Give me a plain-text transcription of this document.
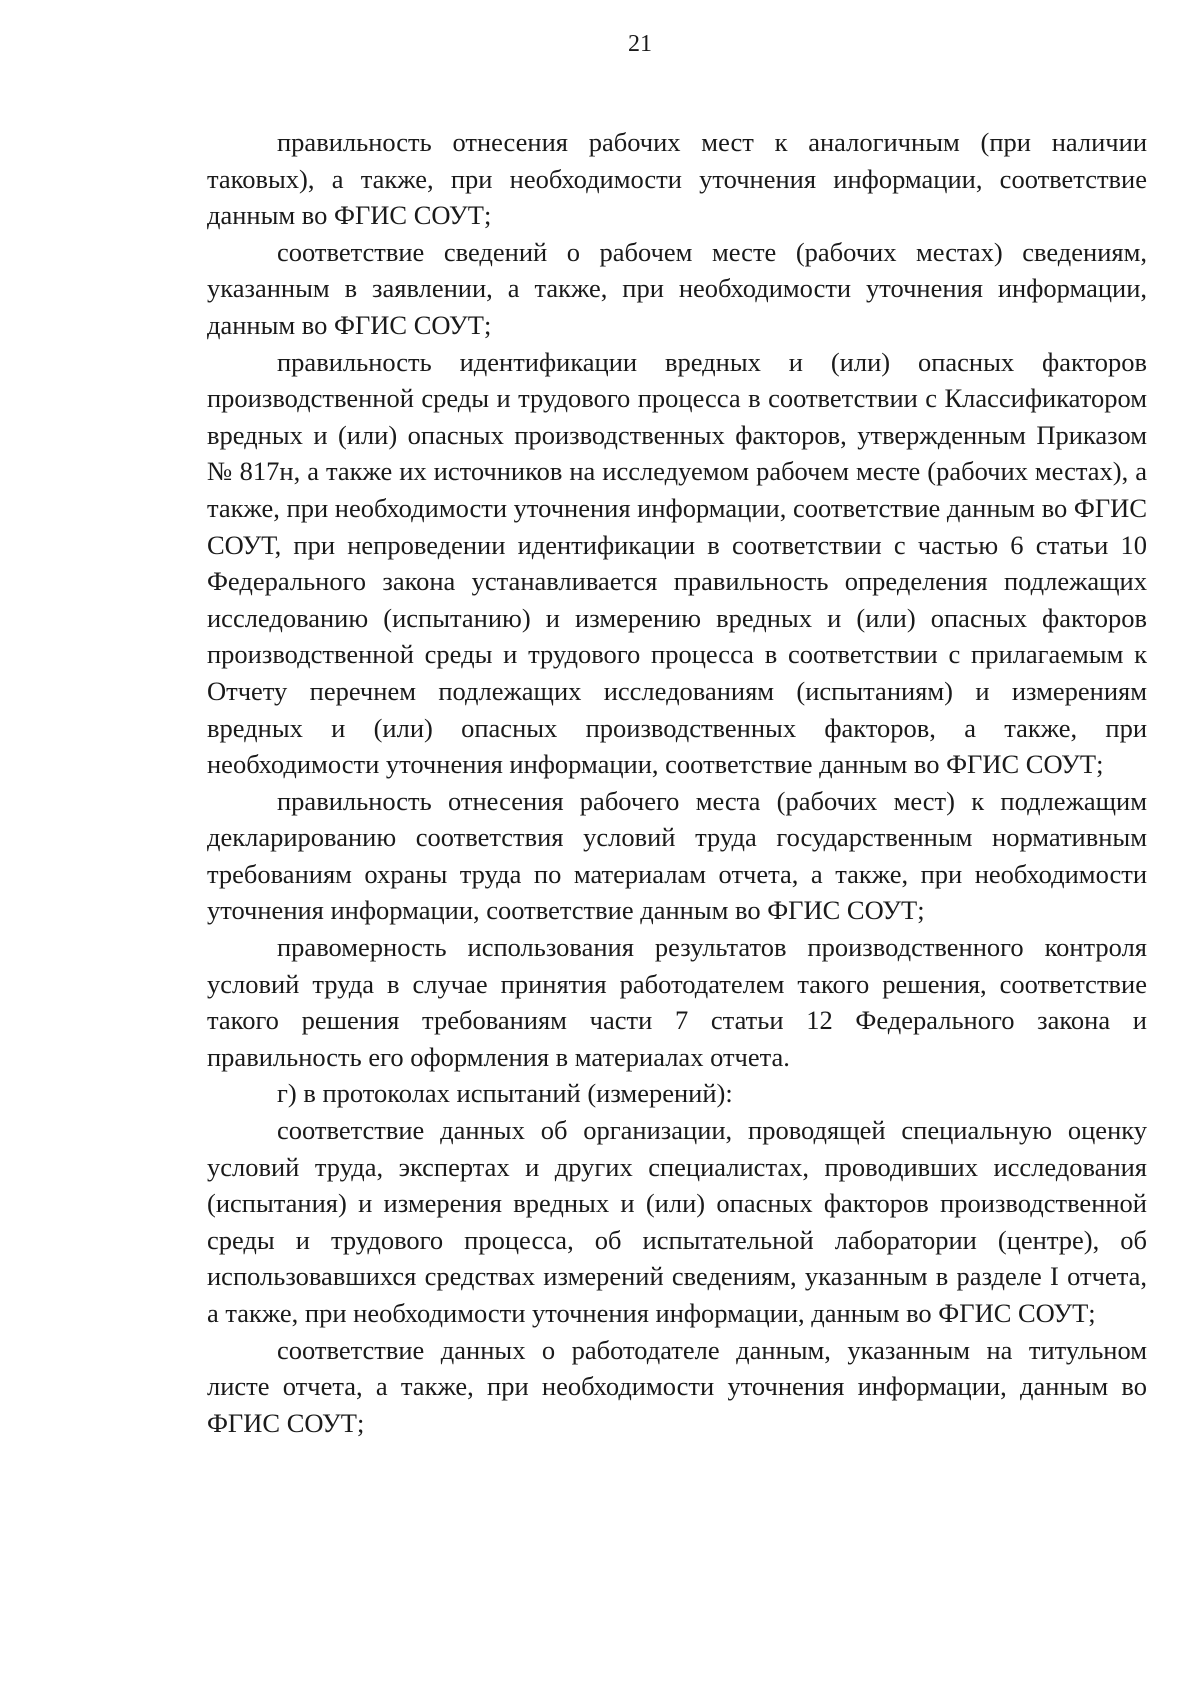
21

правильность отнесения рабочих мест к аналогичным (при наличии таковых), а также, при необходимости уточнения информации, соответствие данным во ФГИС СОУТ;

соответствие сведений о рабочем месте (рабочих местах) сведениям, указанным в заявлении, а также, при необходимости уточнения информации, данным во ФГИС СОУТ;

правильность идентификации вредных и (или) опасных факторов производственной среды и трудового процесса в соответствии с Классификатором вредных и (или) опасных производственных факторов, утвержденным Приказом № 817н, а также их источников на исследуемом рабочем месте (рабочих местах), а также, при необходимости уточнения информации, соответствие данным во ФГИС СОУТ, при непроведении идентификации в соответствии с частью 6 статьи 10 Федерального закона устанавливается правильность определения подлежащих исследованию (испытанию) и измерению вредных и (или) опасных факторов производственной среды и трудового процесса в соответствии с прилагаемым к Отчету перечнем подлежащих исследованиям (испытаниям) и измерениям вредных и (или) опасных производственных факторов, а также, при необходимости уточнения информации, соответствие данным во ФГИС СОУТ;

правильность отнесения рабочего места (рабочих мест) к подлежащим декларированию соответствия условий труда государственным нормативным требованиям охраны труда по материалам отчета, а также, при необходимости уточнения информации, соответствие данным во ФГИС СОУТ;

правомерность использования результатов производственного контроля условий труда в случае принятия работодателем такого решения, соответствие такого решения требованиям части 7 статьи 12 Федерального закона и правильность его оформления в материалах отчета.

г) в протоколах испытаний (измерений):

соответствие данных об организации, проводящей специальную оценку условий труда, экспертах и других специалистах, проводивших исследования (испытания) и измерения вредных и (или) опасных факторов производственной среды и трудового процесса, об испытательной лаборатории (центре), об использовавшихся средствах измерений сведениям, указанным в разделе I отчета, а также, при необходимости уточнения информации, данным во ФГИС СОУТ;

соответствие данных о работодателе данным, указанным на титульном листе отчета, а также, при необходимости уточнения информации, данным во ФГИС СОУТ;
